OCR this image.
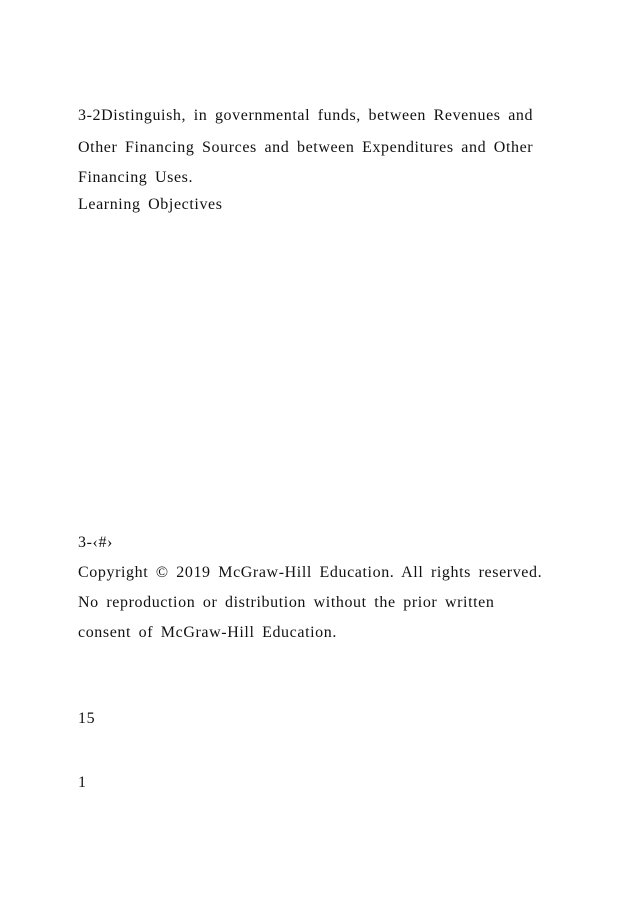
3-2Distinguish, in governmental funds, between Revenues and

Other Financing Sources and between Expenditures and Other

Financing Uses.

Learning Objectives

3-‹#›

Copyright © 2019 McGraw-Hill Education. All rights reserved.

No reproduction or distribution without the prior written

consent of McGraw-Hill Education.

15

1
